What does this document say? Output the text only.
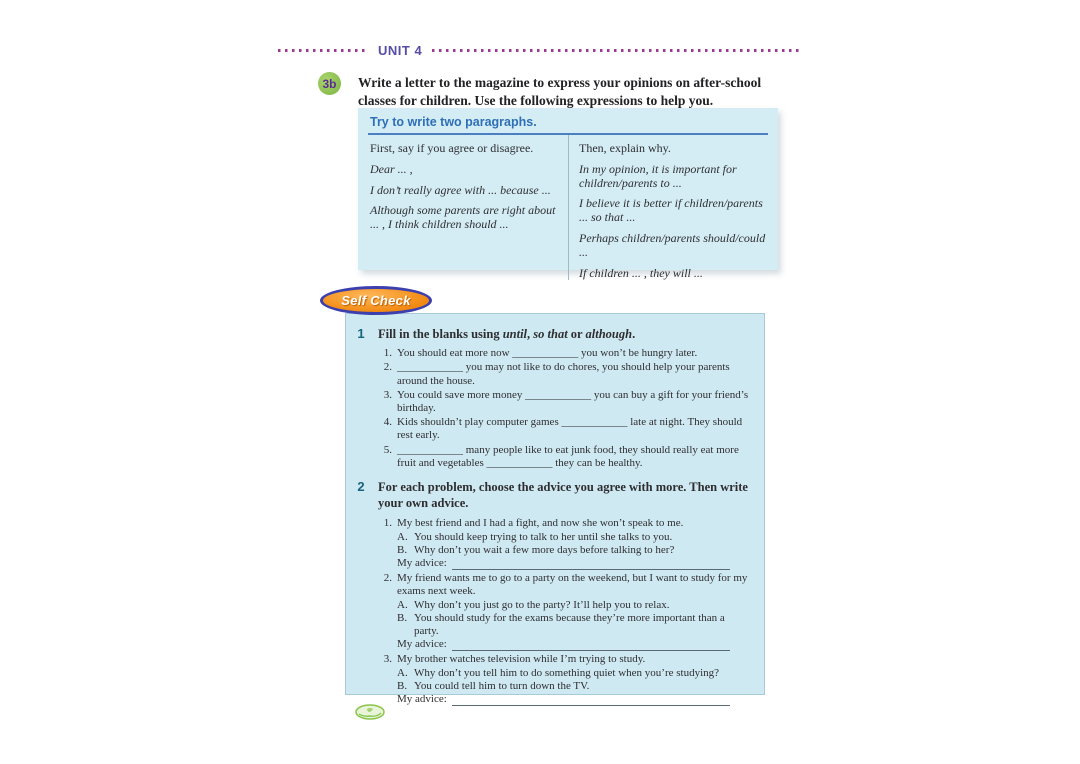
UNIT 4
3b	Write a letter to the magazine to express your opinions on after-school classes for children. Use the following expressions to help you.
Try to write two paragraphs.
First, say if you agree or disagree.
Dear ... ,
I don’t really agree with ... because ...
Although some parents are right about ... , I think children should ...
Then, explain why.
In my opinion, it is important for children/parents to ...
I believe it is better if children/parents ... so that ...
Perhaps children/parents should/could ...
If children ... , they will ...
Self Check
1 Fill in the blanks using until, so that or although.
1. You should eat more now ____________ you won’t be hungry later.
2. ____________ you may not like to do chores, you should help your parents around the house.
3. You could save more money ____________ you can buy a gift for your friend’s birthday.
4. Kids shouldn’t play computer games ____________ late at night. They should rest early.
5. ____________ many people like to eat junk food, they should really eat more fruit and vegetables ____________ they can be healthy.
2 For each problem, choose the advice you agree with more. Then write your own advice.
1. My best friend and I had a fight, and now she won’t speak to me.
A. You should keep trying to talk to her until she talks to you.
B. Why don’t you wait a few more days before talking to her?
My advice:
2. My friend wants me to go to a party on the weekend, but I want to study for my exams next week.
A. Why don’t you just go to the party? It’ll help you to relax.
B. You should study for the exams because they’re more important than a party.
My advice:
3. My brother watches television while I’m trying to study.
A. Why don’t you tell him to do something quiet when you’re studying?
B. You could tell him to turn down the TV.
My advice:
